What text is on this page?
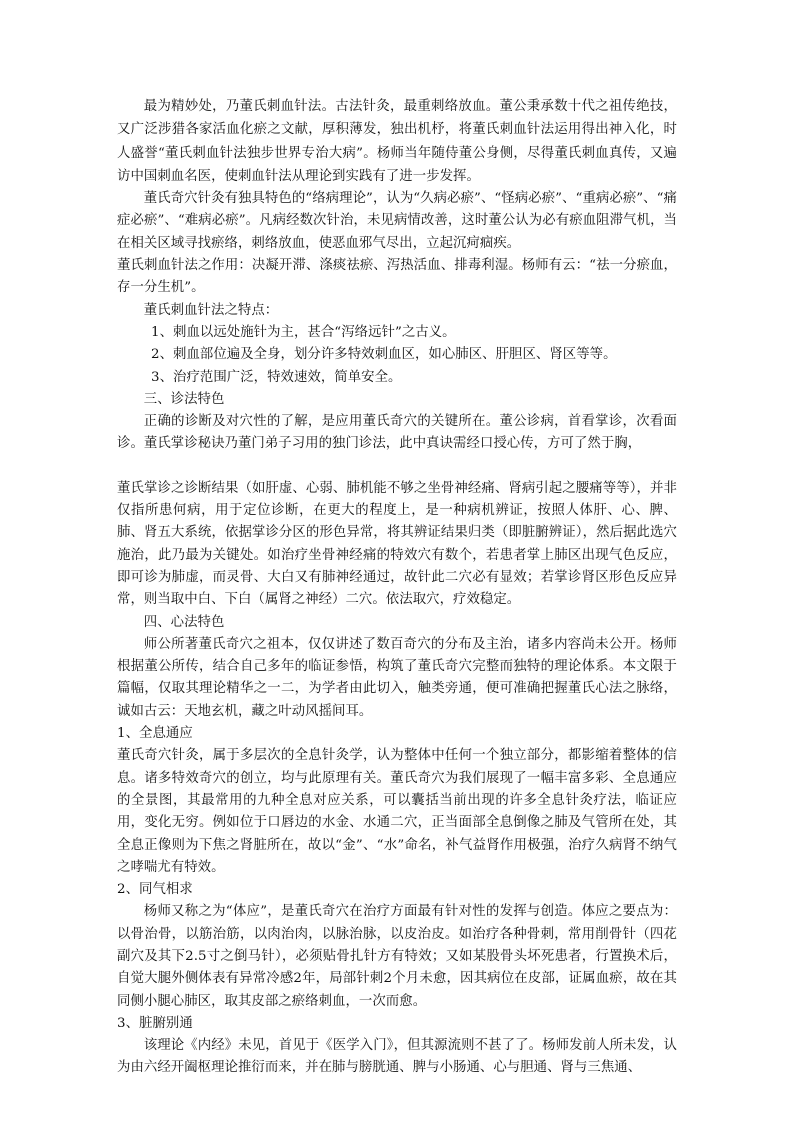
最为精妙处，乃董氏刺血针法。古法针灸，最重刺络放血。董公秉承数十代之祖传绝技，又广泛涉猎各家活血化瘀之文献，厚积薄发，独出机杼，将董氏刺血针法运用得出神入化，时人盛誉“董氏刺血针法独步世界专治大病”。杨师当年随侍董公身侧，尽得董氏刺血真传，又遍访中国刺血名医，使刺血针法从理论到实践有了进一步发挥。

董氏奇穴针灸有独具特色的“络病理论”，认为“久病必瘀”、“怪病必瘀”、“重病必瘀”、“痛症必瘀”、“难病必瘀”。凡病经数次针治，未见病情改善，这时董公认为必有瘀血阻滞气机，当在相关区域寻找瘀络，刺络放血，使恶血邪气尽出，立起沉疴痼疾。

董氏刺血针法之作用：决凝开滞、涤痰祛瘀、泻热活血、排毒利湿。杨师有云：“祛一分瘀血，存一分生机”。

董氏刺血针法之特点：

1、刺血以远处施针为主，甚合“泻络远针”之古义。

2、刺血部位遍及全身，划分许多特效刺血区，如心肺区、肝胆区、肾区等等。

3、治疗范围广泛，特效速效，简单安全。

三、诊法特色

正确的诊断及对穴性的了解，是应用董氏奇穴的关键所在。董公诊病，首看掌诊，次看面诊。董氏掌诊秘诀乃董门弟子习用的独门诊法，此中真诀需经口授心传，方可了然于胸，

董氏掌诊之诊断结果（如肝虚、心弱、肺机能不够之坐骨神经痛、肾病引起之腰痛等等），并非仅指所患何病，用于定位诊断，在更大的程度上，是一种病机辨证，按照人体肝、心、脾、肺、肾五大系统，依据掌诊分区的形色异常，将其辨证结果归类（即脏腑辨证），然后据此选穴施治，此乃最为关键处。如治疗坐骨神经痛的特效穴有数个，若患者掌上肺区出现气色反应，即可诊为肺虚，而灵骨、大白又有肺神经通过，故针此二穴必有显效；若掌诊肾区形色反应异常，则当取中白、下白（属肾之神经）二穴。依法取穴，疗效稳定。

四、心法特色

师公所著董氏奇穴之祖本，仅仅讲述了数百奇穴的分布及主治，诸多内容尚未公开。杨师根据董公所传，结合自己多年的临证参悟，构筑了董氏奇穴完整而独特的理论体系。本文限于篇幅，仅取其理论精华之一二，为学者由此切入，触类旁通，便可准确把握董氏心法之脉络，诚如古云：天地玄机，藏之叶动风摇间耳。

1、全息通应

董氏奇穴针灸，属于多层次的全息针灸学，认为整体中任何一个独立部分，都影缩着整体的信息。诸多特效奇穴的创立，均与此原理有关。董氏奇穴为我们展现了一幅丰富多彩、全息通应的全景图，其最常用的九种全息对应关系，可以囊括当前出现的许多全息针灸疗法，临证应用，变化无穷。例如位于口唇边的水金、水通二穴，正当面部全息倒像之肺及气管所在处，其全息正像则为下焦之肾脏所在，故以“金”、“水”命名，补气益肾作用极强，治疗久病肾不纳气之哮喘尤有特效。

2、同气相求

杨师又称之为“体应”，是董氏奇穴在治疗方面最有针对性的发挥与创造。体应之要点为：以骨治骨，以筋治筋，以肉治肉，以脉治脉，以皮治皮。如治疗各种骨刺，常用削骨针（四花副穴及其下2.5寸之倒马针），必须贴骨扎针方有特效；又如某股骨头坏死患者，行置换术后，自觉大腿外侧体表有异常冷感2年，局部针刺2个月未愈，因其病位在皮部，证属血瘀，故在其同侧小腿心肺区，取其皮部之瘀络刺血，一次而愈。

3、脏腑别通

该理论《内经》未见，首见于《医学入门》，但其源流则不甚了了。杨师发前人所未发，认为由六经开阖枢理论推衍而来，并在肺与膀胱通、脾与小肠通、心与胆通、肾与三焦通、
